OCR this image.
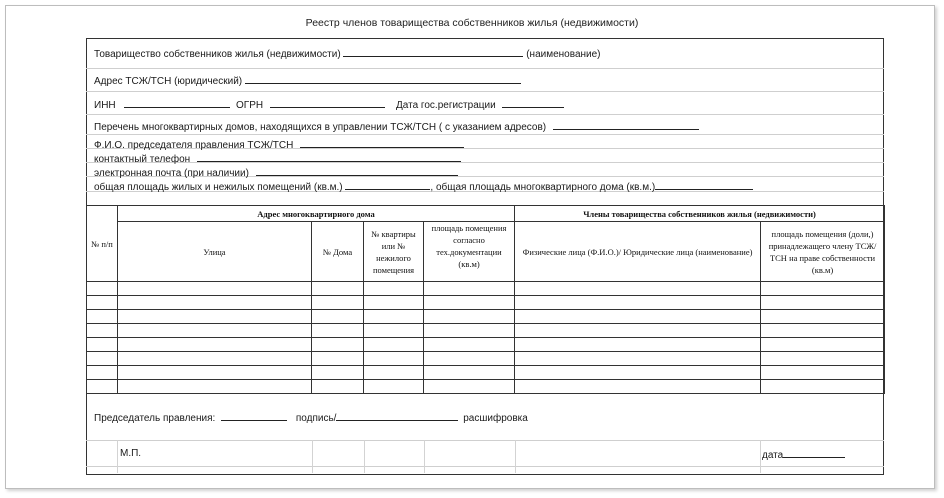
Реестр членов товарищества собственников жилья (недвижимости)
Товарищество собственников жилья (недвижимости)	(наименование)
Адрес ТСЖ/ТСН (юридический)
ИНН	ОГРН	Дата гос.регистрации
Перечень многоквартирных домов, находящихся в управлении ТСЖ/ТСН ( с указанием адресов)
Ф.И.О. председателя правления ТСЖ/ТСН
контактный телефон
электронная почта (при наличии)
общая площадь жилых и нежилых помещений (кв.м.)	, общая площадь многоквартирного дома (кв.м.)
№ п/п	Адрес многоквартирного дома				Члены товарищества собственников жилья (недвижимости)	
	Улица	№ Дома	№ квартиры или № нежилого помещения	площадь помещения согласно тех.документации (кв.м)	Физические лица (Ф.И.О.)/ Юридические лица (наименование)	площадь помещения (доли,) принадлежащего члену ТСЖ/ТСН на праве собственности (кв.м)

Председатель правления:	подпись/	расшифровка
М.П.	дата
